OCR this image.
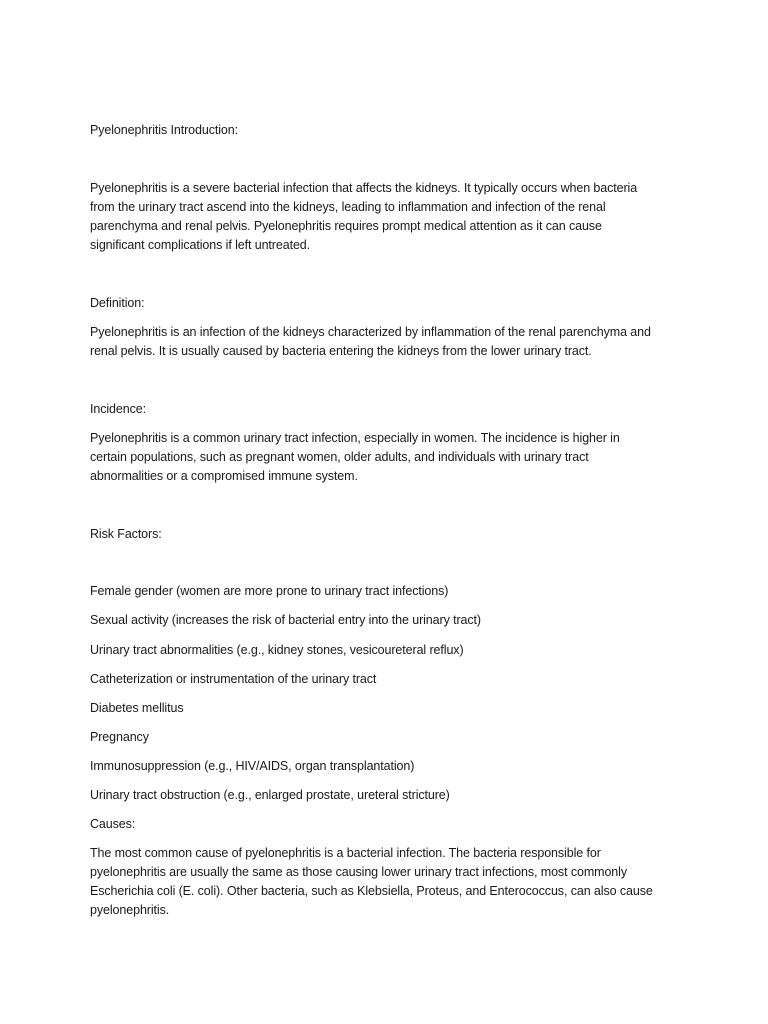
Pyelonephritis Introduction:

Pyelonephritis is a severe bacterial infection that affects the kidneys. It typically occurs when bacteria

from the urinary tract ascend into the kidneys, leading to inflammation and infection of the renal

parenchyma and renal pelvis. Pyelonephritis requires prompt medical attention as it can cause

significant complications if left untreated.

Definition:

Pyelonephritis is an infection of the kidneys characterized by inflammation of the renal parenchyma and

renal pelvis. It is usually caused by bacteria entering the kidneys from the lower urinary tract.

Incidence:

Pyelonephritis is a common urinary tract infection, especially in women. The incidence is higher in

certain populations, such as pregnant women, older adults, and individuals with urinary tract

abnormalities or a compromised immune system.

Risk Factors:

Female gender (women are more prone to urinary tract infections)

Sexual activity (increases the risk of bacterial entry into the urinary tract)

Urinary tract abnormalities (e.g., kidney stones, vesicoureteral reflux)

Catheterization or instrumentation of the urinary tract

Diabetes mellitus

Pregnancy

Immunosuppression (e.g., HIV/AIDS, organ transplantation)

Urinary tract obstruction (e.g., enlarged prostate, ureteral stricture)

Causes:

The most common cause of pyelonephritis is a bacterial infection. The bacteria responsible for

pyelonephritis are usually the same as those causing lower urinary tract infections, most commonly

Escherichia coli (E. coli). Other bacteria, such as Klebsiella, Proteus, and Enterococcus, can also cause

pyelonephritis.
